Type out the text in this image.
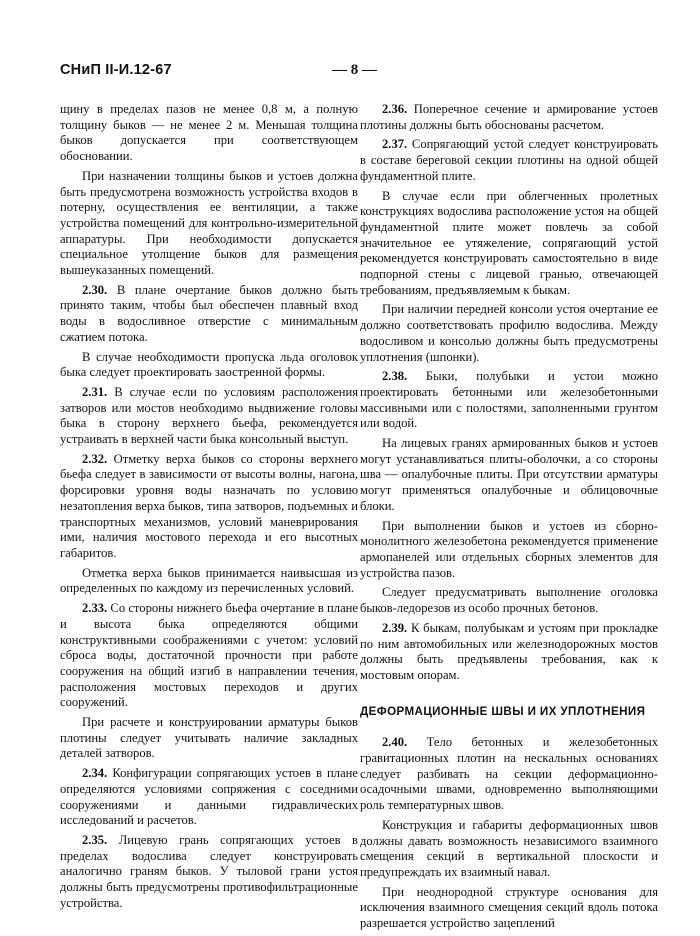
СНиП II-И.12-67	— 8 —

щину в пределах пазов не менее 0,8 м, а полную толщину быков — не менее 2 м. Меньшая толщина быков допускается при соответствующем обосновании.

При назначении толщины быков и устоев должна быть предусмотрена возможность устройства входов в потерну, осуществления ее вентиляции, а также устройства помещений для контрольно-измерительной аппаратуры. При необходимости допускается специальное утолщение быков для размещения вышеуказанных помещений.

2.30. В плане очертание быков должно быть принято таким, чтобы был обеспечен плавный вход воды в водосливное отверстие с минимальным сжатием потока.

В случае необходимости пропуска льда оголовок быка следует проектировать заостренной формы.

2.31. В случае если по условиям расположения затворов или мостов необходимо выдвижение головы быка в сторону верхнего бьефа, рекомендуется устраивать в верхней части быка консольный выступ.

2.32. Отметку верха быков со стороны верхнего бьефа следует в зависимости от высоты волны, нагона, форсировки уровня воды назначать по условию незатопления верха быков, типа затворов, подъемных и транспортных механизмов, условий маневрирования ими, наличия мостового перехода и его высотных габаритов.

Отметка верха быков принимается наивысшая из определенных по каждому из перечисленных условий.

2.33. Со стороны нижнего бьефа очертание в плане и высота быка определяются общими конструктивными соображениями с учетом: условий сброса воды, достаточной прочности при работе сооружения на общий изгиб в направлении течения, расположения мостовых переходов и других сооружений.

При расчете и конструировании арматуры быков плотины следует учитывать наличие закладных деталей затворов.

2.34. Конфигурации сопрягающих устоев в плане определяются условиями сопряжения с соседними сооружениями и данными гидравлических исследований и расчетов.

2.35. Лицевую грань сопрягающих устоев в пределах водослива следует конструировать аналогично граням быков. У тыловой грани устоя должны быть предусмотрены противофильтрационные устройства.

2.36. Поперечное сечение и армирование устоев плотины должны быть обоснованы расчетом.

2.37. Сопрягающий устой следует конструировать в составе береговой секции плотины на одной общей фундаментной плите.

В случае если при облегченных пролетных конструкциях водослива расположение устоя на общей фундаментной плите может повлечь за собой значительное ее утяжеление, сопрягающий устой рекомендуется конструировать самостоятельно в виде подпорной стены с лицевой гранью, отвечающей требованиям, предъявляемым к быкам.

При наличии передней консоли устоя очертание ее должно соответствовать профилю водослива. Между водосливом и консолью должны быть предусмотрены уплотнения (шпонки).

2.38. Быки, полубыки и устои можно проектировать бетонными или железобетонными массивными или с полостями, заполненными грунтом или водой.

На лицевых гранях армированных быков и устоев могут устанавливаться плиты-оболочки, а со стороны шва — опалубочные плиты. При отсутствии арматуры могут применяться опалубочные и облицовочные блоки.

При выполнении быков и устоев из сборно-монолитного железобетона рекомендуется применение армопанелей или отдельных сборных элементов для устройства пазов.

Следует предусматривать выполнение оголовка быков-ледорезов из особо прочных бетонов.

2.39. К быкам, полубыкам и устоям при прокладке по ним автомобильных или железнодорожных мостов должны быть предъявлены требования, как к мостовым опорам.

ДЕФОРМАЦИОННЫЕ ШВЫ И ИХ УПЛОТНЕНИЯ

2.40. Тело бетонных и железобетонных гравитационных плотин на нескальных основаниях следует разбивать на секции деформационно-осадочными швами, одновременно выполняющими роль температурных швов.

Конструкция и габариты деформационных швов должны давать возможность независимого взаимного смещения секций в вертикальной плоскости и предупреждать их взаимный навал.

При неоднородной структуре основания для исключения взаимного смещения секций вдоль потока разрешается устройство зацеплений
